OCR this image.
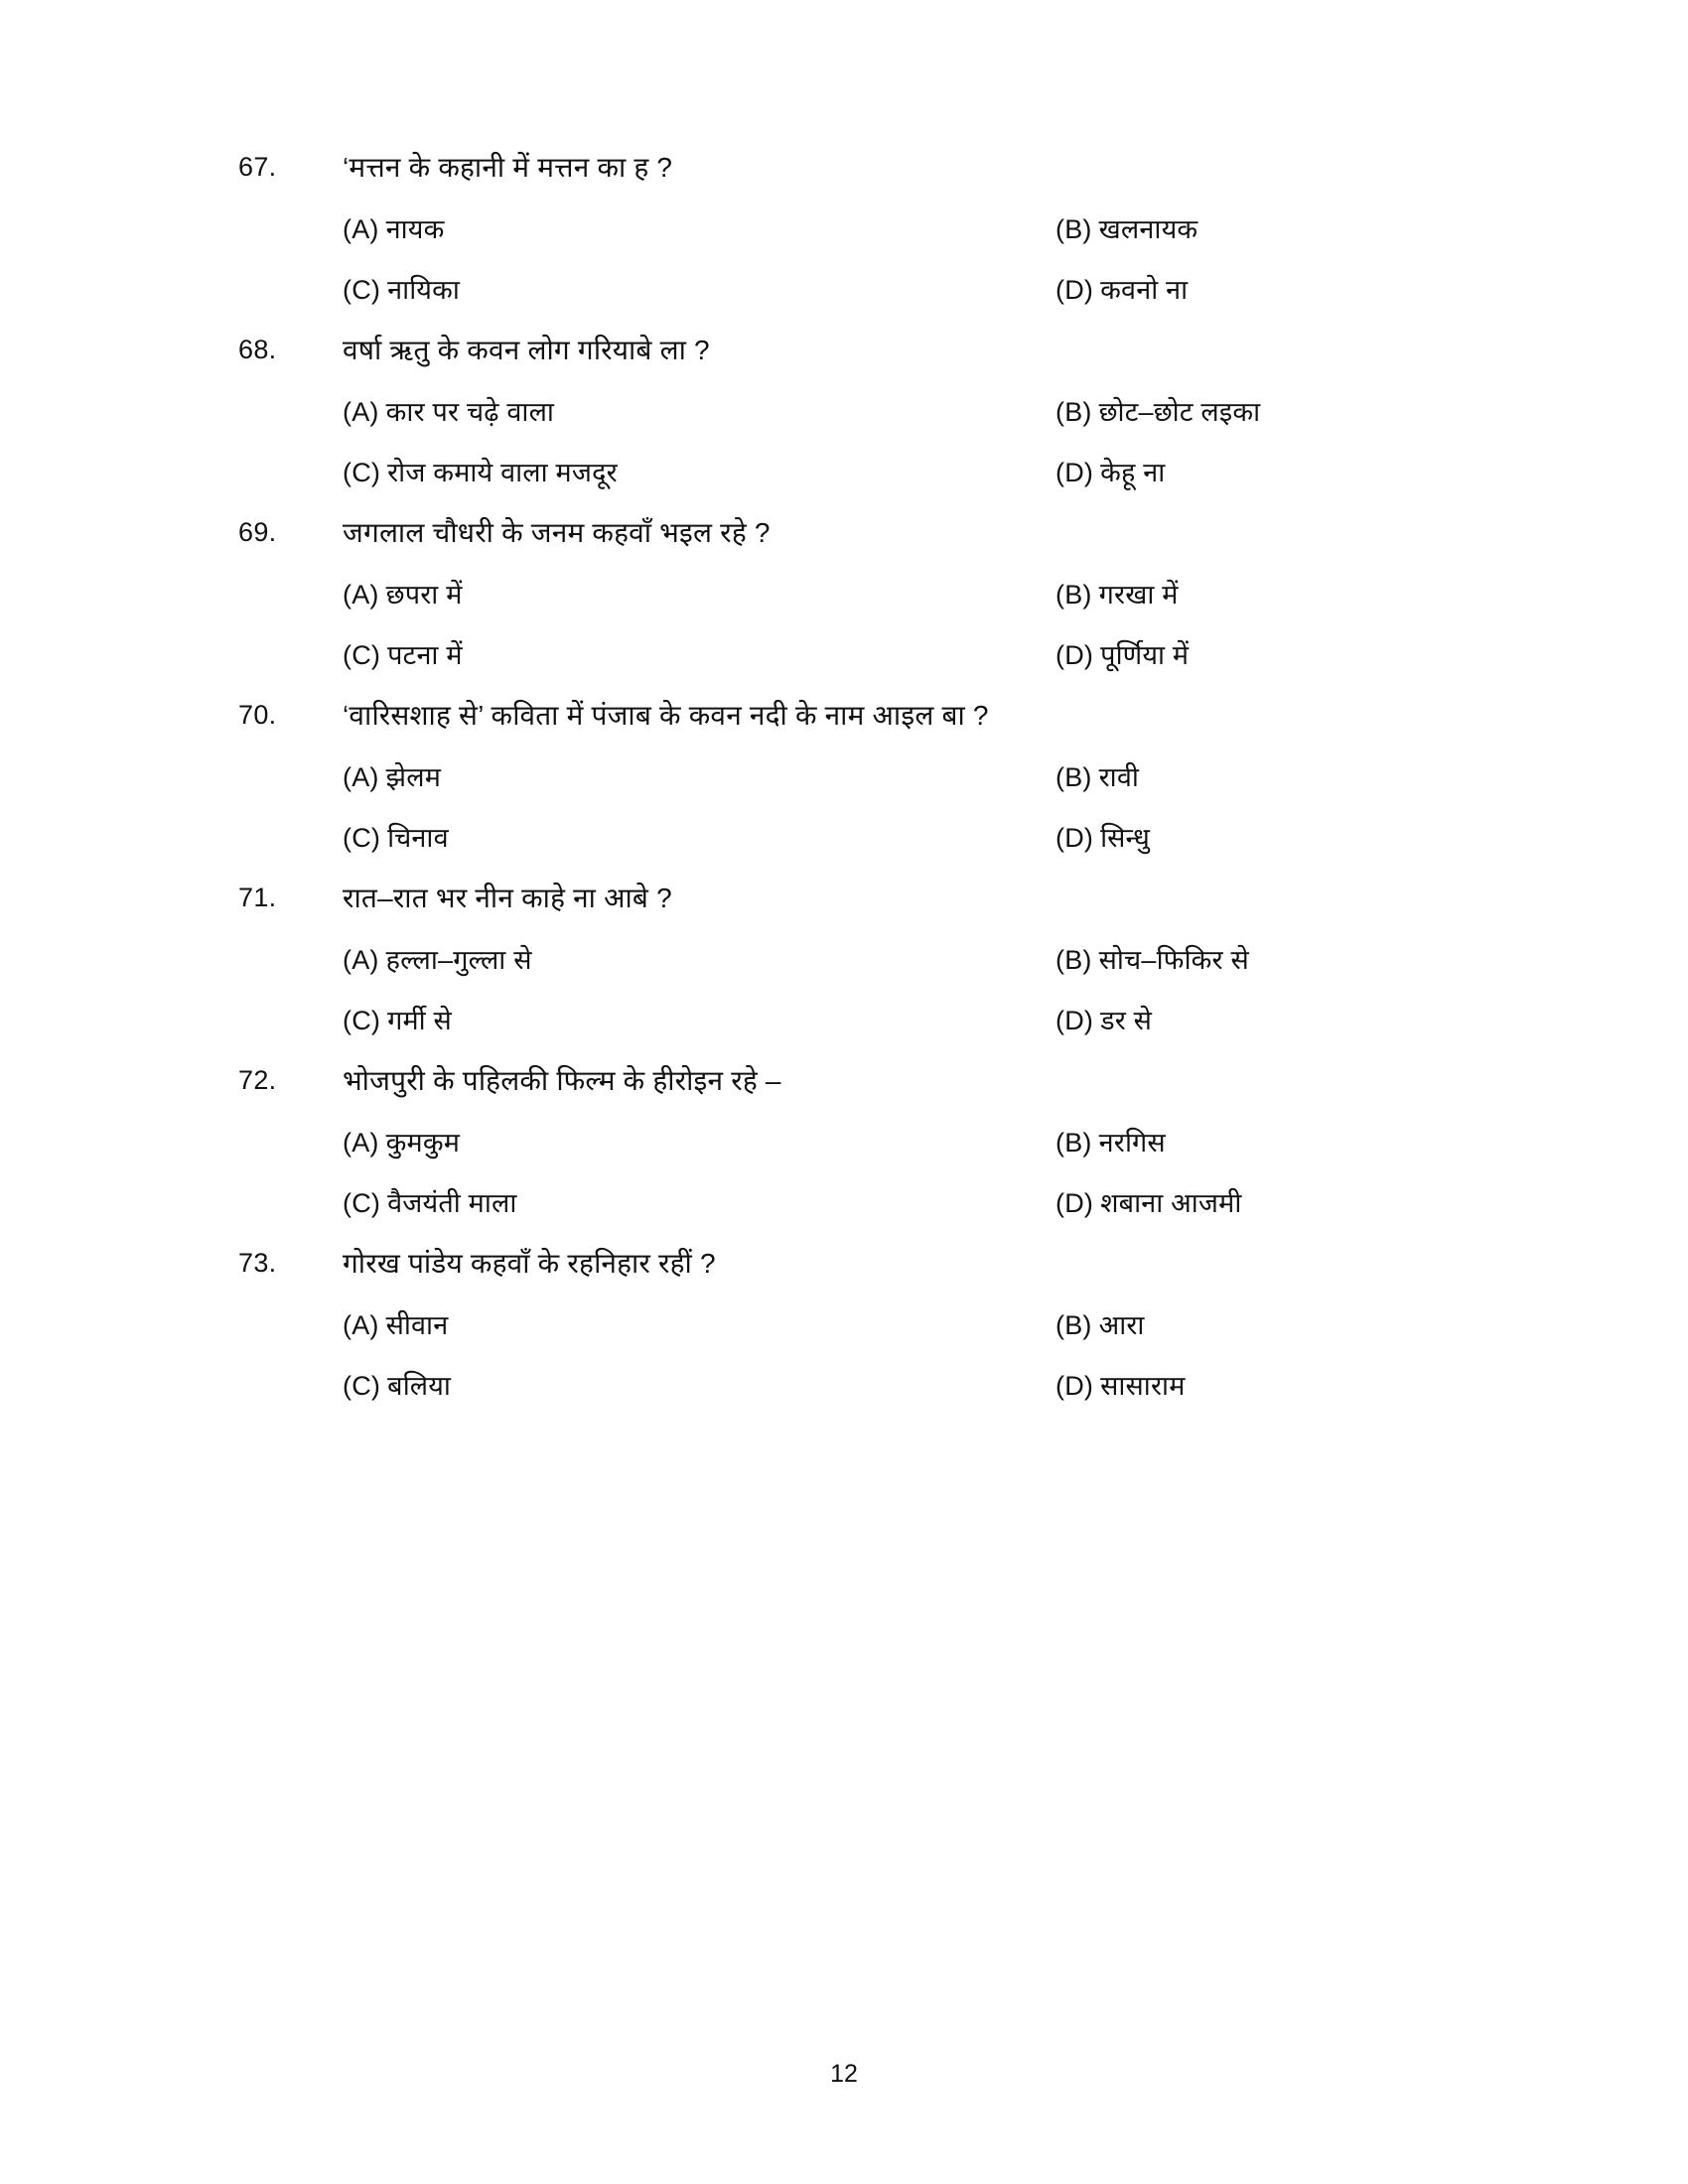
67.	‘मत्तन के कहानी में मत्तन का ह ?
(A) नायक	(B) खलनायक
(C) नायिका	(D) कवनो ना
68.	वर्षा ऋतु के कवन लोग गरियाबे ला ?
(A) कार पर चढ़े वाला	(B) छोट–छोट लइका
(C) रोज कमाये वाला मजदूर	(D) केहू ना
69.	जगलाल चौधरी के जनम कहवाँ भइल रहे ?
(A) छपरा में	(B) गरखा में
(C) पटना में	(D) पूर्णिया में
70.	‘वारिसशाह से’ कविता में पंजाब के कवन नदी के नाम आइल बा ?
(A) झेलम	(B) रावी
(C) चिनाव	(D) सिन्धु
71.	रात–रात भर नीन काहे ना आबे ?
(A) हल्ला–गुल्ला से	(B) सोच–फिकिर से
(C) गर्मी से	(D) डर से
72.	भोजपुरी के पहिलकी फिल्म के हीरोइन रहे –
(A) कुमकुम	(B) नरगिस
(C) वैजयंती माला	(D) शबाना आजमी
73.	गोरख पांडेय कहवाँ के रहनिहार रहीं ?
(A) सीवान	(B) आरा
(C) बलिया	(D) सासाराम
12
